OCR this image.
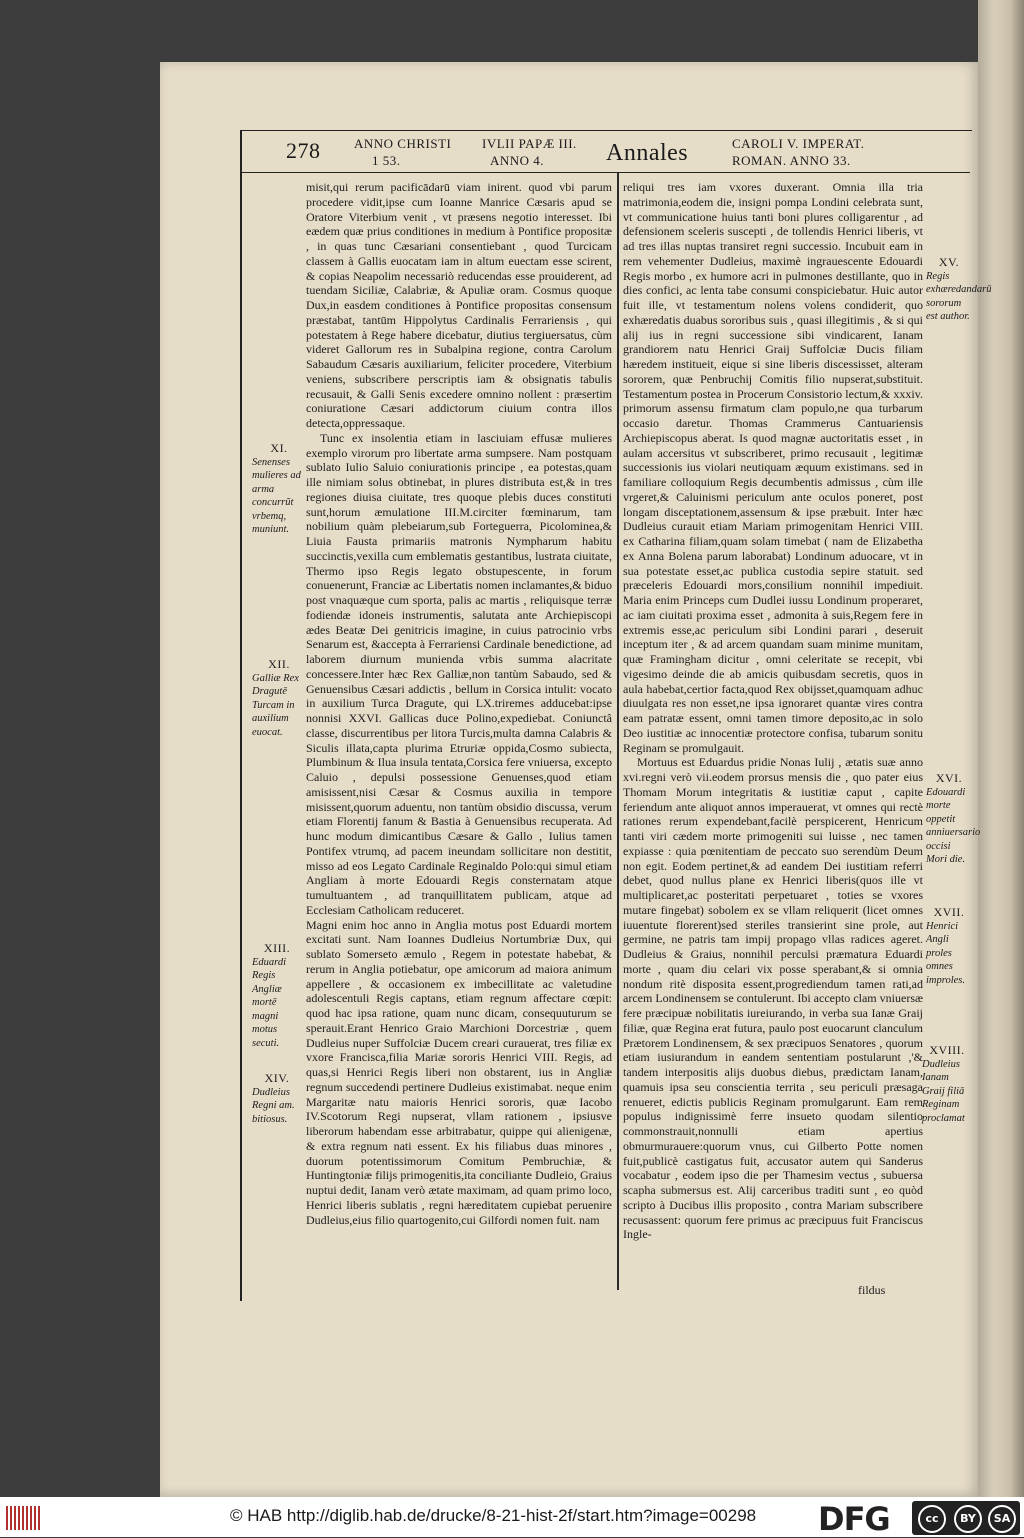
278	ANNO CHRISTI
1 53.
IVLII PAPÆ III.
ANNO 4.	Annales	CAROLI V. IMPERAT.
ROMAN. ANNO 33.

misit,qui rerum pacificādarū viam inirent. quod vbi parum procedere vidit,ipse cum Ioanne Manrice Cæsaris apud se Oratore Viterbium venit , vt præsens negotio interesset. Ibi eædem quæ prius conditiones in medium à Pontifice propositæ , in quas tunc Cæsariani consentiebant , quod Turcicam classem à Gallis euocatam iam in altum euectam esse scirent, & copias Neapolim necessariò reducendas esse prouiderent, ad tuendam Siciliæ, Calabriæ, & Apuliæ oram. Cosmus quoque Dux,in easdem conditiones à Pontifice propositas consensum præstabat, tantūm Hippolytus Cardinalis Ferrariensis , qui potestatem à Rege habere dicebatur, diutius tergiuersatus, cùm videret Gallorum res in Subalpina regione, contra Carolum Sabaudum Cæsaris auxiliarium, feliciter procedere, Viterbium veniens, subscribere perscriptis iam & obsignatis tabulis recusauit, & Galli Senis excedere omnino nollent : præsertim coniuratione Cæsari addictorum ciuium contra illos detecta,oppressaque.

Tunc ex insolentia etiam in lasciuiam effusæ mulieres exemplo virorum pro libertate arma sumpsere. Nam postquam sublato Iulio Saluio coniurationis principe , ea potestas,quam ille nimiam solus obtinebat, in plures distributa est,& in tres regiones diuisa ciuitate, tres quoque plebis duces constituti sunt,horum æmulatione III.M.circiter fœminarum, tam nobilium quàm plebeiarum,sub Forteguerra, Picolominea,& Liuia Fausta primariis matronis Nympharum habitu succinctis,vexilla cum emblematis gestantibus, lustrata ciuitate, Thermo ipso Regis legato obstupescente, in forum conuenerunt, Franciæ ac Libertatis nomen inclamantes,& biduo post vnaquæque cum sporta, palis ac martis , reliquisque terræ fodiendæ idoneis instrumentis, salutata ante Archiepiscopi ædes Beatæ Dei genitricis imagine, in cuius patrocinio vrbs Senarum est, &accepta à Ferrariensi Cardinale benedictione, ad laborem diurnum munienda vrbis summa alacritate concessere.Inter hæc Rex Galliæ,non tantùm Sabaudo, sed & Genuensibus Cæsari addictis , bellum in Corsica intulit: vocato in auxilium Turca Dragute, qui LX.triremes adducebat:ipse nonnisi XXVI. Gallicas duce Polino,expediebat. Coniunctâ classe, discurrentibus per litora Turcis,multa damna Calabris & Siculis illata,capta plurima Etruriæ oppida,Cosmo subiecta, Plumbinum & Ilua insula tentata,Corsica fere vniuersa, excepto Caluio , depulsi possessione Genuenses,quod etiam amisissent,nisi Cæsar & Cosmus auxilia in tempore misissent,quorum aduentu, non tantùm obsidio discussa, verum etiam Florentij fanum & Bastia à Genuensibus recuperata. Ad hunc modum dimicantibus Cæsare & Gallo , Iulius tamen Pontifex vtrumq, ad pacem ineundam sollicitare non destitit, misso ad eos Legato Cardinale Reginaldo Polo:qui simul etiam Angliam à morte Edouardi Regis consternatam atque tumultuantem , ad tranquillitatem publicam, atque ad Ecclesiam Catholicam reduceret.

Magni enim hoc anno in Anglia motus post Eduardi mortem excitati sunt. Nam Ioannes Dudleius Nortumbriæ Dux, qui sublato Somerseto æmulo , Regem in potestate habebat, & rerum in Anglia potiebatur, ope amicorum ad maiora animum appellere , & occasionem ex imbecillitate ac valetudine adolescentuli Regis captans, etiam regnum affectare cœpit: quod hac ipsa ratione, quam nunc dicam, consequuturum se sperauit.Erant Henrico Graio Marchioni Dorcestriæ , quem Dudleius nuper Suffolciæ Ducem creari curauerat, tres filiæ ex vxore Francisca,filia Mariæ sororis Henrici VIII. Regis, ad quas,si Henrici Regis liberi non obstarent, ius in Angliæ regnum succedendi pertinere Dudleius existimabat. neque enim Margaritæ natu maioris Henrici sororis, quæ Iacobo IV.Scotorum Regi nupserat, vllam rationem , ipsiusve liberorum habendam esse arbitrabatur, quippe qui alienigenæ, & extra regnum nati essent. Ex his filiabus duas minores , duorum potentissimorum Comitum Pembruchiæ, & Huntingtoniæ filijs primogenitis,ita conciliante Dudleio, Graius nuptui dedit, Ianam verò ætate maximam, ad quam primo loco, Henrici liberis sublatis , regni hæreditatem cupiebat peruenire Dudleius,eius filio quartogenito,cui Gilfordi nomen fuit. nam

reliqui tres iam vxores duxerant. Omnia illa tria matrimonia,eodem die, insigni pompa Londini celebrata sunt, vt communicatione huius tanti boni plures colligarentur , ad defensionem sceleris suscepti , de tollendis Henrici liberis, vt ad tres illas nuptas transiret regni successio. Incubuit eam in rem vehementer Dudleius, maximè ingrauescente Edouardi Regis morbo , ex humore acri in pulmones destillante, quo in dies confici, ac lenta tabe consumi conspiciebatur. Huic autor fuit ille, vt testamentum nolens volens condiderit, quo exhæredatis duabus sororibus suis , quasi illegitimis , & si qui alij ius in regni successione sibi vindicarent, Ianam grandiorem natu Henrici Graij Suffolciæ Ducis filiam hæredem institueit, eique si sine liberis discessisset, alteram sororem, quæ Penbruchij Comitis filio nupserat,substituit. Testamentum postea in Procerum Consistorio lectum,& xxxiv. primorum assensu firmatum clam populo,ne qua turbarum occasio daretur. Thomas Crammerus Cantuariensis Archiepiscopus aberat. Is quod magnæ auctoritatis esset , in aulam accersitus vt subscriberet, primo recusauit , legitimæ successionis ius violari neutiquam æquum existimans. sed in familiare colloquium Regis decumbentis admissus , cùm ille vrgeret,& Caluinismi periculum ante oculos poneret, post longam disceptationem,assensum & ipse præbuit. Inter hæc Dudleius curauit etiam Mariam primogenitam Henrici VIII. ex Catharina filiam,quam solam timebat ( nam de Elizabetha ex Anna Bolena parum laborabat) Londinum aduocare, vt in sua potestate esset,ac publica custodia sepire statuit. sed præceleris Edouardi mors,consilium nonnihil impediuit. Maria enim Princeps cum Dudlei iussu Londinum properaret, ac iam ciuitati proxima esset , admonita à suis,Regem fere in extremis esse,ac periculum sibi Londini parari , deseruit inceptum iter , & ad arcem quandam suam minime munitam, quæ Framingham dicitur , omni celeritate se recepit, vbi vigesimo deinde die ab amicis quibusdam secretis, quos in aula habebat,certior facta,quod Rex obijsset,quamquam adhuc diuulgata res non esset,ne ipsa ignoraret quantæ vires contra eam patratæ essent, omni tamen timore deposito,ac in solo Deo iustitiæ ac innocentiæ protectore confisa, tubarum sonitu Reginam se promulgauit.

Mortuus est Eduardus pridie Nonas Iulij , ætatis suæ anno xvi.regni verò vii.eodem prorsus mensis die , quo pater eius Thomam Morum integritatis & iustitiæ caput , capite feriendum ante aliquot annos imperauerat, vt omnes qui rectè rationes rerum expendebant,facilè perspicerent, Henricum tanti viri cædem morte primogeniti sui luisse , nec tamen expiasse : quia pœnitentiam de peccato suo serendùm Deum non egit. Eodem pertinet,& ad eandem Dei iustitiam referri debet, quod nullus plane ex Henrici liberis(quos ille vt multiplicaret,ac posteritati perpetuaret , toties se vxores mutare fingebat) sobolem ex se vllam reliquerit (licet omnes iuuentute florerent)sed steriles transierint sine prole, aut germine, ne patris tam impij propago vllas radices ageret. Dudleius & Graius, nonnihil perculsi præmatura Eduardi morte , quam diu celari vix posse sperabant,& si omnia nondum ritè disposita essent,progrediendum tamen rati,ad arcem Londinensem se contulerunt. Ibi accepto clam vniuersæ fere præcipuæ nobilitatis iureiurando, in verba sua Ianæ Graij filiæ, quæ Regina erat futura, paulo post euocarunt clanculum Prætorem Londinensem, & sex præcipuos Senatores , quorum etiam iusiurandum in eandem sententiam postularunt ,'& tandem interpositis alijs duobus diebus, prædictam Ianam, quamuis ipsa seu conscientia territa , seu periculi præsaga renueret, edictis publicis Reginam promulgarunt. Eam rem populus indignissimè ferre insueto quodam silentio commonstrauit,nonnulli etiam apertius obmurmurauere:quorum vnus, cui Gilberto Potte nomen fuit,publicè castigatus fuit, accusator autem qui Sanderus vocabatur , eodem ipso die per Thamesim vectus , subuersa scapha submersus est. Alij carceribus traditi sunt , eo quòd scripto à Ducibus illis proposito , contra Mariam subscribere recusassent: quorum fere primus ac præcipuus fuit Franciscus Ingle-

XI.
Senenses mulieres ad arma concurrũt vrbemq, muniunt.
XII.
Galliæ Rex Dragutē Turcam in auxilium euocat.
XIII.
Eduardi Regis Angliæ mortē magni motus secuti.
XIV.
Dudleius Regni am. bitiosus.
XV.
Regis exhæredandarū sororum est author.
XVI.
Edouardi morte oppetit anniuersario occisi Mori die.
XVII.
Henrici Angli proles omnes improles.
XVIII.
Dudleius Ianam Graij filiā Reginam proclamat
fildus
© HAB http://diglib.hab.de/drucke/8-21-hist-2f/start.htm?image=00298 DFG	cc	BY	SA
